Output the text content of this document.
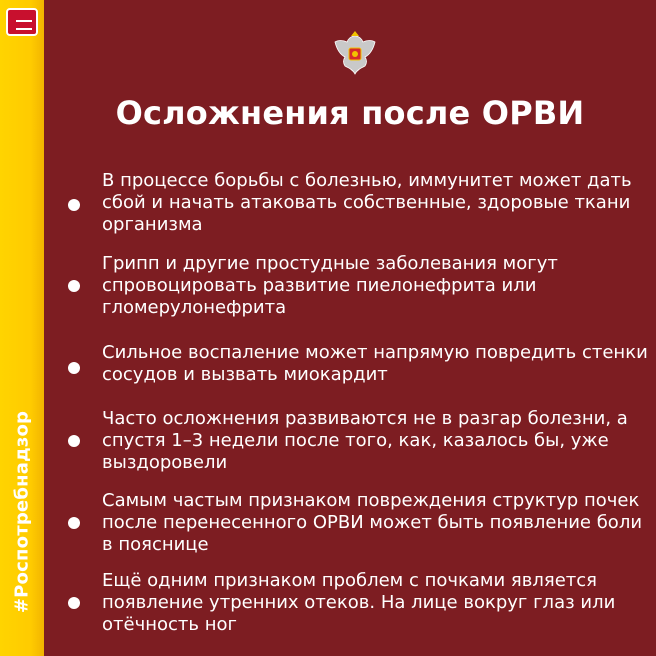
#Роспотребнадзор
Осложнения после ОРВИ
В процессе борьбы с болезнью, иммунитет может дать сбой и начать атаковать собственные, здоровые ткани организма
Грипп и другие простудные заболевания могут спровоцировать развитие пиелонефрита или гломерулонефрита
Сильное воспаление может напрямую повредить стенки сосудов и вызвать миокардит
Часто осложнения развиваются не в разгар болезни, а спустя 1–3 недели после того, как, казалось бы, уже выздоровели
Самым частым признаком повреждения структур почек после перенесенного ОРВИ может быть появление боли в пояснице
Ещё одним признаком проблем с почками является появление утренних отеков. На лице вокруг глаз или отёчность ног
